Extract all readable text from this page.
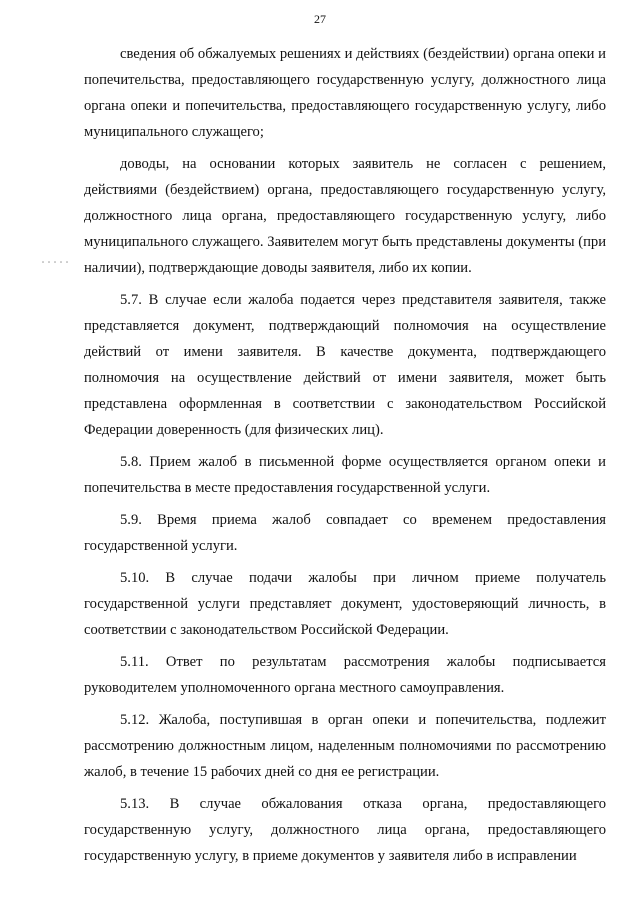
27

сведения об обжалуемых решениях и действиях (бездействии) органа опеки и попечительства, предоставляющего государственную услугу, должностного лица органа опеки и попечительства, предоставляющего государственную услугу, либо муниципального служащего;

доводы, на основании которых заявитель не согласен с решением, действиями (бездействием) органа, предоставляющего государственную услугу, должностного лица органа, предоставляющего государственную услугу, либо муниципального служащего. Заявителем могут быть представлены документы (при наличии), подтверждающие доводы заявителя, либо их копии.

5.7. В случае если жалоба подается через представителя заявителя, также представляется документ, подтверждающий полномочия на осуществление действий от имени заявителя. В качестве документа, подтверждающего полномочия на осуществление действий от имени заявителя, может быть представлена оформленная в соответствии с законодательством Российской Федерации доверенность (для физических лиц).

5.8. Прием жалоб в письменной форме осуществляется органом опеки и попечительства в месте предоставления государственной услуги.

5.9. Время приема жалоб совпадает со временем предоставления государственной услуги.

5.10. В случае подачи жалобы при личном приеме получатель государственной услуги представляет документ, удостоверяющий личность, в соответствии с законодательством Российской Федерации.

5.11. Ответ по результатам рассмотрения жалобы подписывается руководителем уполномоченного органа местного самоуправления.

5.12. Жалоба, поступившая в орган опеки и попечительства, подлежит рассмотрению должностным лицом, наделенным полномочиями по рассмотрению жалоб, в течение 15 рабочих дней со дня ее регистрации.

5.13. В случае обжалования отказа органа, предоставляющего государственную услугу, должностного лица органа, предоставляющего государственную услугу, в приеме документов у заявителя либо в исправлении
